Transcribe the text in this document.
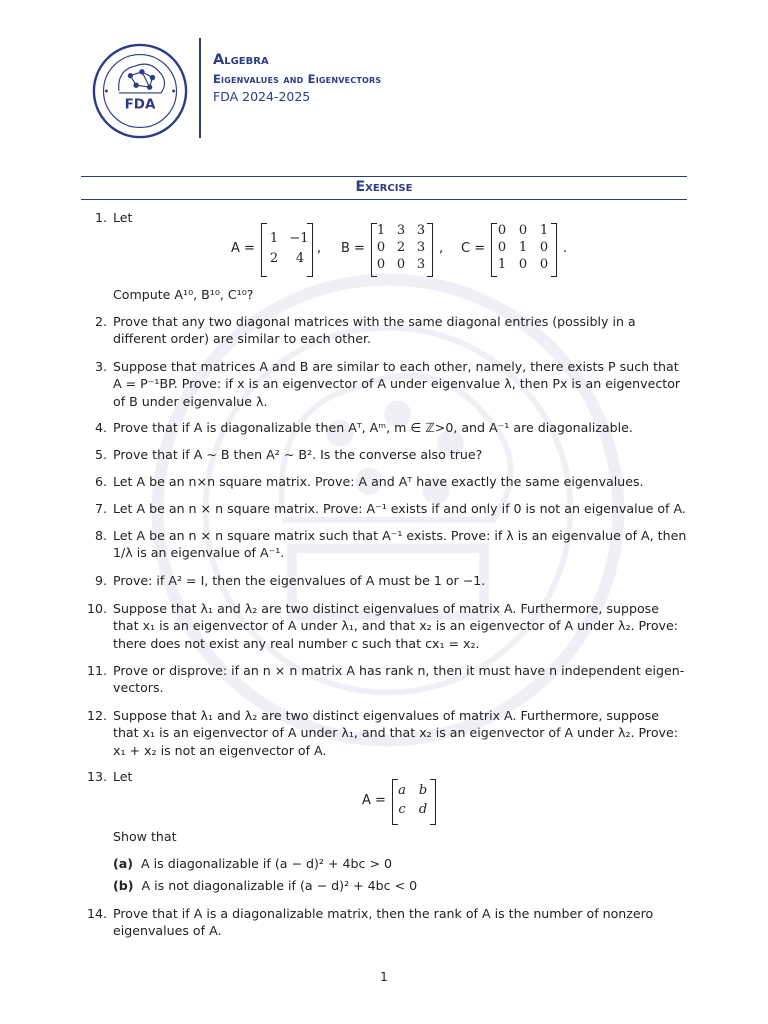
FDA
Algebra
Eigenvalues and Eigenvectors
FDA 2024-2025
Exercise
1. Let
A =
1 −1
2 4
, B =
1 3 3
0 2 3
0 0 3
, C =
0 0 1
0 1 0
1 0 0
.
Compute A¹⁰, B¹⁰, C¹⁰?
2. Prove that any two diagonal matrices with the same diagonal entries (possibly in a different order) are similar to each other.
3. Suppose that matrices A and B are similar to each other, namely, there exists P such that A = P⁻¹BP. Prove: if x is an eigenvector of A under eigenvalue λ, then Px is an eigenvector of B under eigenvalue λ.
4. Prove that if A is diagonalizable then Aᵀ, Aᵐ, m ∈ ℤ>0, and A⁻¹ are diagonalizable.
5. Prove that if A ∼ B then A² ∼ B². Is the converse also true?
6. Let A be an n×n square matrix. Prove: A and Aᵀ have exactly the same eigenvalues.
7. Let A be an n × n square matrix. Prove: A⁻¹ exists if and only if 0 is not an eigenvalue of A.
8. Let A be an n × n square matrix such that A⁻¹ exists. Prove: if λ is an eigenvalue of A, then 1/λ is an eigenvalue of A⁻¹.
9. Prove: if A² = I, then the eigenvalues of A must be 1 or −1.
10. Suppose that λ₁ and λ₂ are two distinct eigenvalues of matrix A. Furthermore, suppose that x₁ is an eigenvector of A under λ₁, and that x₂ is an eigenvector of A under λ₂. Prove: there does not exist any real number c such that cx₁ = x₂.
11. Prove or disprove: if an n × n matrix A has rank n, then it must have n independent eigen- vectors.
12. Suppose that λ₁ and λ₂ are two distinct eigenvalues of matrix A. Furthermore, suppose that x₁ is an eigenvector of A under λ₁, and that x₂ is an eigenvector of A under λ₂. Prove: x₁ + x₂ is not an eigenvector of A.
13. Let
A =
a b
c d
Show that
(a) A is diagonalizable if (a − d)² + 4bc > 0
(b) A is not diagonalizable if (a − d)² + 4bc < 0
14. Prove that if A is a diagonalizable matrix, then the rank of A is the number of nonzero eigenvalues of A.
1
